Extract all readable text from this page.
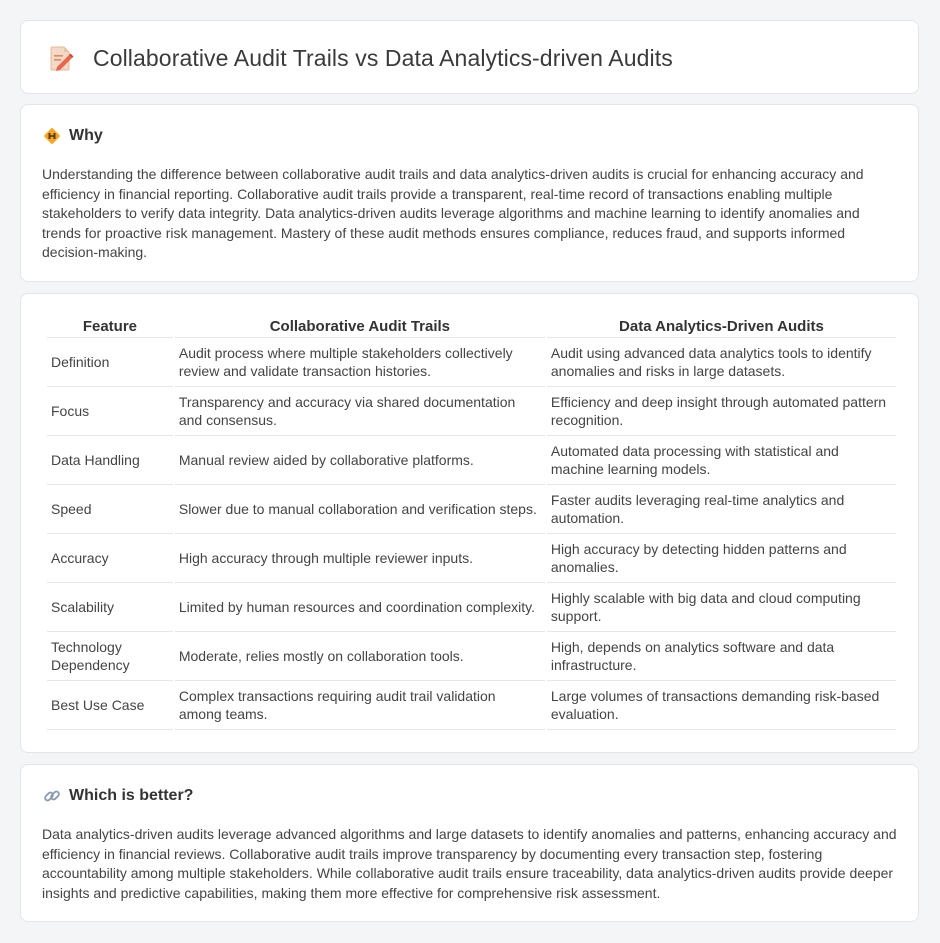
Collaborative Audit Trails vs Data Analytics-driven Audits
Why

Understanding the difference between collaborative audit trails and data analytics-driven audits is crucial for enhancing accuracy and efficiency in financial reporting. Collaborative audit trails provide a transparent, real-time record of transactions enabling multiple stakeholders to verify data integrity. Data analytics-driven audits leverage algorithms and machine learning to identify anomalies and trends for proactive risk management. Mastery of these audit methods ensures compliance, reduces fraud, and supports informed decision-making.

Feature	Collaborative Audit Trails	Data Analytics-Driven Audits
Definition	Audit process where multiple stakeholders collectively review and validate transaction histories.	Audit using advanced data analytics tools to identify anomalies and risks in large datasets.
Focus	Transparency and accuracy via shared documentation and consensus.	Efficiency and deep insight through automated pattern recognition.
Data Handling	Manual review aided by collaborative platforms.	Automated data processing with statistical and machine learning models.
Speed	Slower due to manual collaboration and verification steps.	Faster audits leveraging real-time analytics and automation.
Accuracy	High accuracy through multiple reviewer inputs.	High accuracy by detecting hidden patterns and anomalies.
Scalability	Limited by human resources and coordination complexity.	Highly scalable with big data and cloud computing support.
Technology Dependency	Moderate, relies mostly on collaboration tools.	High, depends on analytics software and data infrastructure.
Best Use Case	Complex transactions requiring audit trail validation among teams.	Large volumes of transactions demanding risk-based evaluation.
Which is better?

Data analytics-driven audits leverage advanced algorithms and large datasets to identify anomalies and patterns, enhancing accuracy and efficiency in financial reviews. Collaborative audit trails improve transparency by documenting every transaction step, fostering accountability among multiple stakeholders. While collaborative audit trails ensure traceability, data analytics-driven audits provide deeper insights and predictive capabilities, making them more effective for comprehensive risk assessment.
